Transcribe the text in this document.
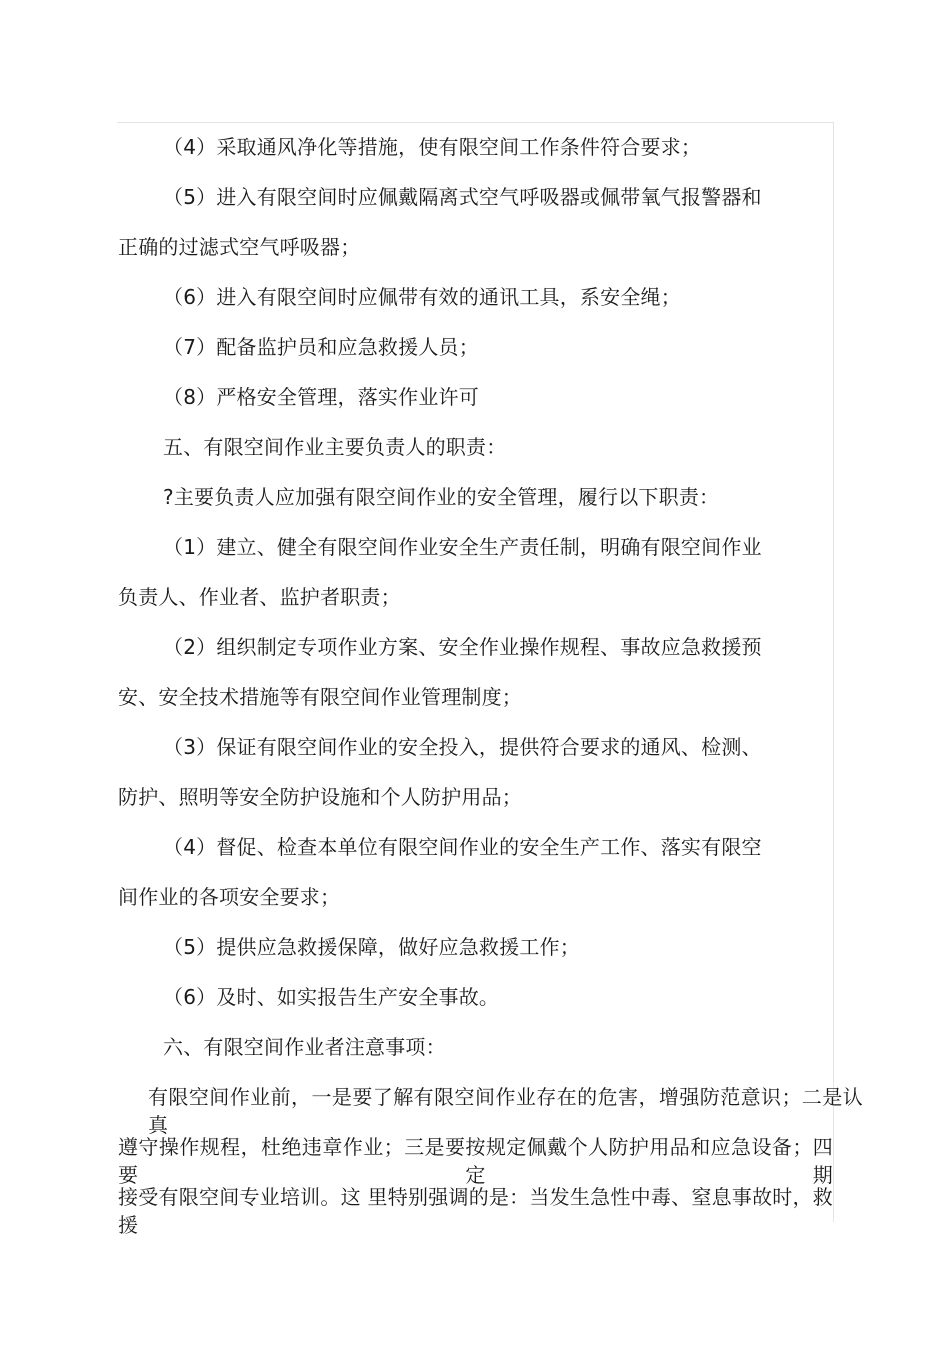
（4）采取通风净化等措施，使有限空间工作条件符合要求；
（5）进入有限空间时应佩戴隔离式空气呼吸器或佩带氧气报警器和
正确的过滤式空气呼吸器；
（6）进入有限空间时应佩带有效的通讯工具，系安全绳；
（7）配备监护员和应急救援人员；
（8）严格安全管理，落实作业许可
五、有限空间作业主要负责人的职责：
?主要负责人应加强有限空间作业的安全管理，履行以下职责：
（1）建立、健全有限空间作业安全生产责任制，明确有限空间作业
负责人、作业者、监护者职责；
（2）组织制定专项作业方案、安全作业操作规程、事故应急救援预
安、安全技术措施等有限空间作业管理制度；
（3）保证有限空间作业的安全投入，提供符合要求的通风、检测、
防护、照明等安全防护设施和个人防护用品；
（4）督促、检查本单位有限空间作业的安全生产工作、落实有限空
间作业的各项安全要求；
（5）提供应急救援保障，做好应急救援工作；
（6）及时、如实报告生产安全事故。
六、有限空间作业者注意事项：
有限空间作业前，一是要了解有限空间作业存在的危害，增强防范意识；二是认真
遵守操作规程，杜绝违章作业；三是要按规定佩戴个人防护用品和应急设备；四要定期
接受有限空间专业培训。这 里特别强调的是：当发生急性中毒、窒息事故时，救援
